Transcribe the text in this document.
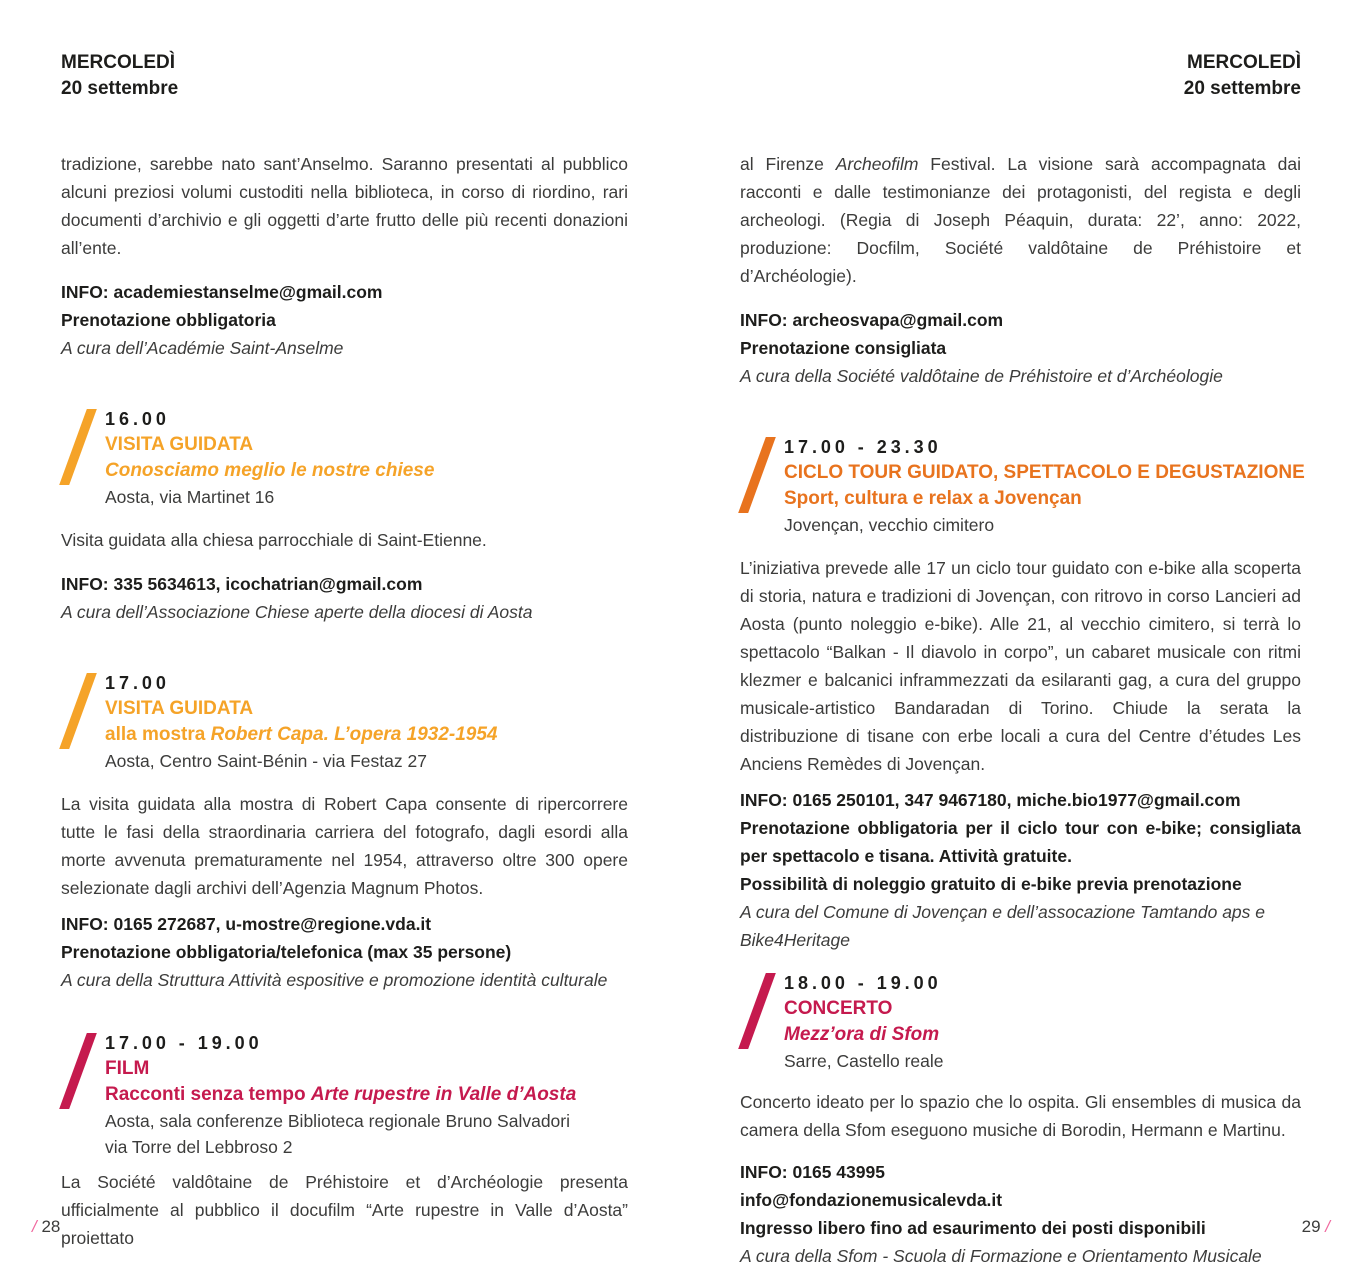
MERCOLEDÌ
20 settembre

tradizione, sarebbe nato sant’Anselmo. Saranno presentati al pubblico alcuni preziosi volumi custoditi nella biblioteca, in corso di riordino, rari documenti d’archivio e gli oggetti d’arte frutto delle più recenti donazioni all’ente.

INFO: academiestanselme@gmail.com

Prenotazione obbligatoria

A cura dell’Académie Saint-Anselme

16.00
VISITA GUIDATA
Conosciamo meglio le nostre chiese
Aosta, via Martinet 16

Visita guidata alla chiesa parrocchiale di Saint-Etienne.

INFO: 335 5634613, icochatrian@gmail.com

A cura dell’Associazione Chiese aperte della diocesi di Aosta

17.00
VISITA GUIDATA
alla mostra Robert Capa. L’opera 1932-1954
Aosta, Centro Saint-Bénin - via Festaz 27

La visita guidata alla mostra di Robert Capa consente di ripercorrere tutte le fasi della straordinaria carriera del fotografo, dagli esordi alla morte avvenuta prematuramente nel 1954, attraverso oltre 300 opere selezionate dagli archivi dell’Agenzia Magnum Photos.

INFO: 0165 272687, u-mostre@regione.vda.it

Prenotazione obbligatoria/telefonica (max 35 persone)

A cura della Struttura Attività espositive e promozione identità culturale

17.00 - 19.00
FILM
Racconti senza tempo Arte rupestre in Valle d’Aosta
Aosta, sala conferenze Biblioteca regionale Bruno Salvadori
via Torre del Lebbroso 2

La Société valdôtaine de Préhistoire et d’Archéologie presenta ufficialmente al pubblico il docufilm “Arte rupestre in Valle d’Aosta” proiettato

MERCOLEDÌ
20 settembre

al Firenze Archeofilm Festival. La visione sarà accompagnata dai racconti e dalle testimonianze dei protagonisti, del regista e degli archeologi. (Regia di Joseph Péaquin, durata: 22’, anno: 2022, produzione: Docfilm, Société valdôtaine de Préhistoire et d’Archéologie).

INFO: archeosvapa@gmail.com

Prenotazione consigliata

A cura della Société valdôtaine de Préhistoire et d’Archéologie

17.00 - 23.30
CICLO TOUR GUIDATO, SPETTACOLO E DEGUSTAZIONE
Sport, cultura e relax a Jovençan
Jovençan, vecchio cimitero

L’iniziativa prevede alle 17 un ciclo tour guidato con e-bike alla scoperta di storia, natura e tradizioni di Jovençan, con ritrovo in corso Lancieri ad Aosta (punto noleggio e-bike). Alle 21, al vecchio cimitero, si terrà lo spettacolo “Balkan - Il diavolo in corpo”, un cabaret musicale con ritmi klezmer e balcanici inframmezzati da esilaranti gag, a cura del gruppo musicale-artistico Bandaradan di Torino. Chiude la serata la distribuzione di tisane con erbe locali a cura del Centre d’études Les Anciens Remèdes di Jovençan.

INFO: 0165 250101, 347 9467180, miche.bio1977@gmail.com

Prenotazione obbligatoria per il ciclo tour con e-bike; consigliata per spettacolo e tisana. Attività gratuite.

Possibilità di noleggio gratuito di e-bike previa prenotazione

A cura del Comune di Jovençan e dell’assocazione Tamtando aps e Bike4Heritage

18.00 - 19.00
CONCERTO
Mezz’ora di Sfom
Sarre, Castello reale

Concerto ideato per lo spazio che lo ospita. Gli ensembles di musica da camera della Sfom eseguono musiche di Borodin, Hermann e Martinu.

INFO: 0165 43995

info@fondazionemusicalevda.it

Ingresso libero fino ad esaurimento dei posti disponibili

A cura della Sfom - Scuola di Formazione e Orientamento Musicale

/ 28	29 /
